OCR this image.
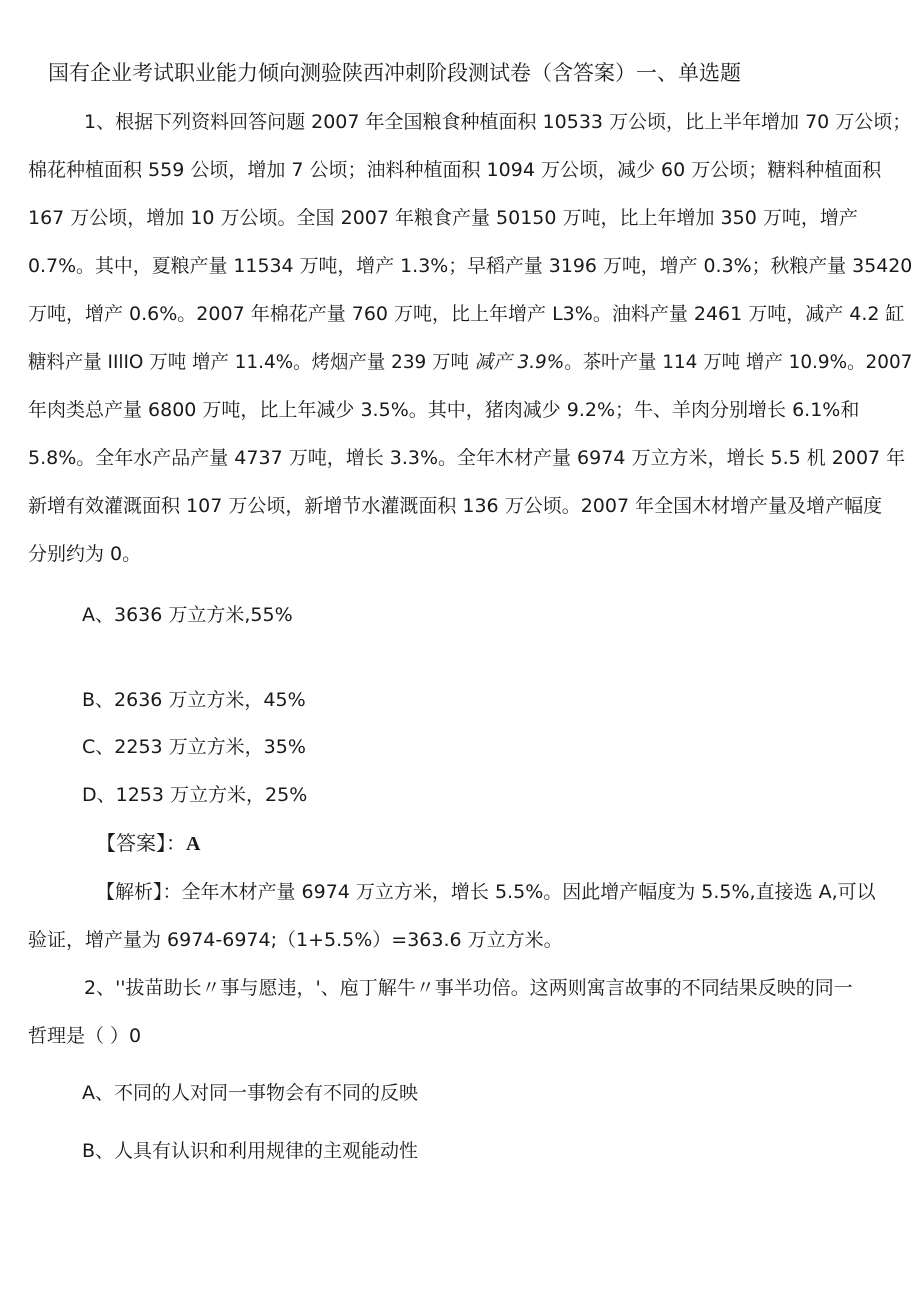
国有企业考试职业能力倾向测验陕西冲刺阶段测试卷（含答案）一、单选题
1、根据下列资料回答问题 2007 年全国粮食种植面积 10533 万公顷，比上半年增加 70 万公顷；
棉花种植面积 559 公顷，增加 7 公顷；油料种植面积 1094 万公顷，减少 60 万公顷；糖料种植面积
167 万公顷，增加 10 万公顷。全国 2007 年粮食产量 50150 万吨，比上年增加 350 万吨，增产
0.7%。其中，夏粮产量 11534 万吨，增产 1.3%；早稻产量 3196 万吨，增产 0.3%；秋粮产量 35420
万吨，增产 0.6%。2007 年棉花产量 760 万吨，比上年增产 L3%。油料产量 2461 万吨，减产 4.2 缸
糖料产量 IIlIO 万吨 增产 11.4%。烤烟产量 239 万吨 减产 3.9%。茶叶产量 114 万吨 增产 10.9%。2007
年肉类总产量 6800 万吨，比上年减少 3.5%。其中，猪肉减少 9.2%；牛、羊肉分别增长 6.1%和
5.8%。全年水产品产量 4737 万吨，增长 3.3%。全年木材产量 6974 万立方米，增长 5.5 机 2007 年
新增有效灌溉面积 107 万公顷，新增节水灌溉面积 136 万公顷。2007 年全国木材增产量及增产幅度
分别约为 0。
A、3636 万立方米,55%
B、2636 万立方米，45%
C、2253 万立方米，35%
D、1253 万立方米，25%
【答案】：A
【解析】：全年木材产量 6974 万立方米，增长 5.5%。因此增产幅度为 5.5%,直接选 A,可以
验证，增产量为 6974-6974;（1+5.5%）=363.6 万立方米。
2、''拔苗助长〃事与愿违，'、庖丁解牛〃事半功倍。这两则寓言故事的不同结果反映的同一
哲理是（ ）0
A、不同的人对同一事物会有不同的反映
B、人具有认识和利用规律的主观能动性
